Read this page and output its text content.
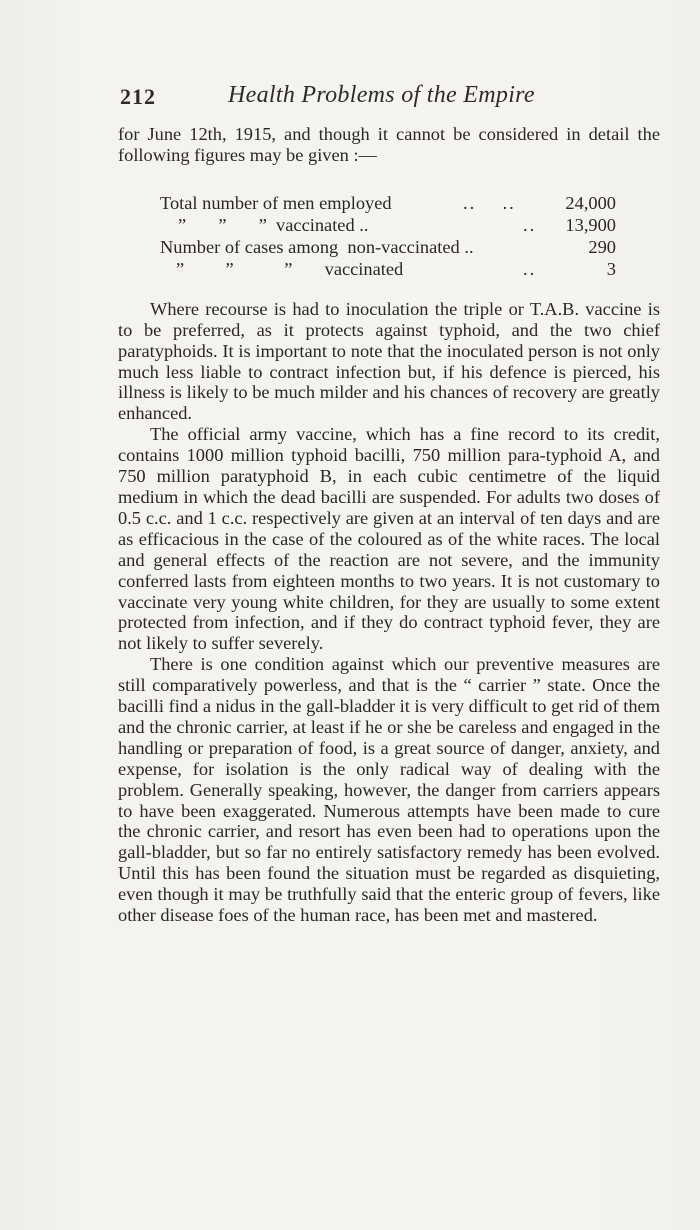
212	Health Problems of the Empire

for June 12th, 1915, and though it cannot be considered in detail the following figures may be given :—

Total number of men employed	..    ..	24,000
”       ”       ”  vaccinated ..	.. 13,900
Number of cases among  non-vaccinated ..	290
”         ”           ”       vaccinated	..	3

Where recourse is had to inoculation the triple or T.A.B. vaccine is to be preferred, as it protects against typhoid, and the two chief paratyphoids. It is important to note that the inoculated person is not only much less liable to contract infection but, if his defence is pierced, his illness is likely to be much milder and his chances of recovery are greatly enhanced.

The official army vaccine, which has a fine record to its credit, contains 1000 million typhoid bacilli, 750 million para-typhoid A, and 750 million paratyphoid B, in each cubic centimetre of the liquid medium in which the dead bacilli are suspended. For adults two doses of 0.5 c.c. and 1 c.c. respectively are given at an interval of ten days and are as efficacious in the case of the coloured as of the white races. The local and general effects of the reaction are not severe, and the immunity conferred lasts from eighteen months to two years. It is not customary to vaccinate very young white children, for they are usually to some extent protected from infection, and if they do contract typhoid fever, they are not likely to suffer severely.

There is one condition against which our preventive measures are still comparatively powerless, and that is the “ carrier ” state. Once the bacilli find a nidus in the gall-bladder it is very difficult to get rid of them and the chronic carrier, at least if he or she be careless and engaged in the handling or preparation of food, is a great source of danger, anxiety, and expense, for isolation is the only radical way of dealing with the problem. Generally speaking, however, the danger from carriers appears to have been exaggerated. Numerous attempts have been made to cure the chronic carrier, and resort has even been had to operations upon the gall-bladder, but so far no entirely satisfactory remedy has been evolved. Until this has been found the situation must be regarded as disquieting, even though it may be truthfully said that the enteric group of fevers, like other disease foes of the human race, has been met and mastered.
